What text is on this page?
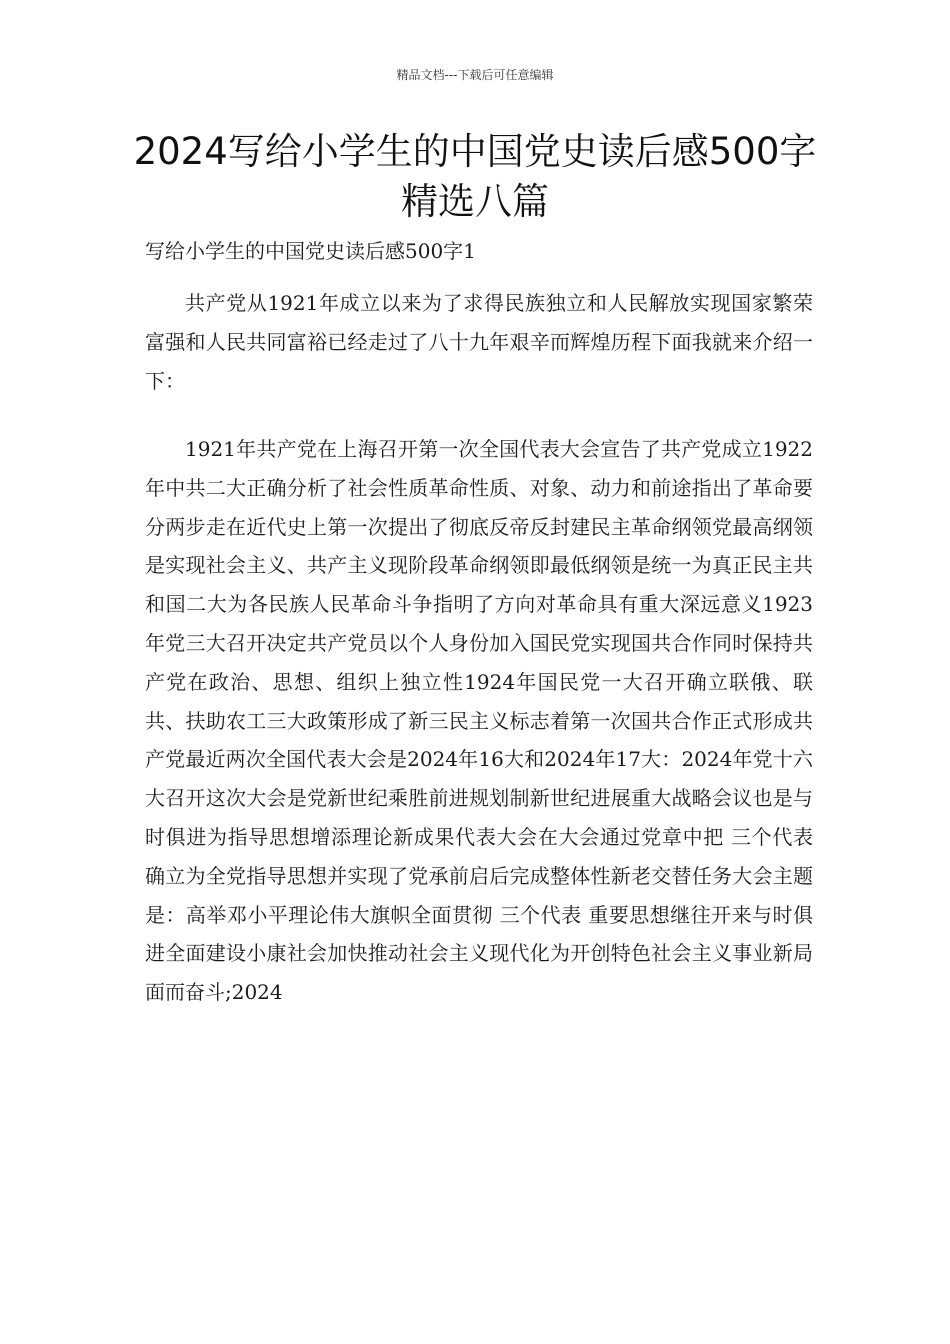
精品文档---下载后可任意编辑
2024写给小学生的中国党史读后感500字精选八篇
写给小学生的中国党史读后感500字1

共产党从1921年成立以来为了求得民族独立和人民解放实现国家繁荣富强和人民共同富裕已经走过了八十九年艰辛而辉煌历程下面我就来介绍一下：

1921年共产党在上海召开第一次全国代表大会宣告了共产党成立1922年中共二大正确分析了社会性质革命性质、对象、动力和前途指出了革命要分两步走在近代史上第一次提出了彻底反帝反封建民主革命纲领党最高纲领是实现社会主义、共产主义现阶段革命纲领即最低纲领是统一为真正民主共和国二大为各民族人民革命斗争指明了方向对革命具有重大深远意义1923年党三大召开决定共产党员以个人身份加入国民党实现国共合作同时保持共产党在政治、思想、组织上独立性1924年国民党一大召开确立联俄、联共、扶助农工三大政策形成了新三民主义标志着第一次国共合作正式形成共产党最近两次全国代表大会是2024年16大和2024年17大：2024年党十六大召开这次大会是党新世纪乘胜前进规划制新世纪进展重大战略会议也是与时俱进为指导思想增添理论新成果代表大会在大会通过党章中把 三个代表 确立为全党指导思想并实现了党承前启后完成整体性新老交替任务大会主题是：高举邓小平理论伟大旗帜全面贯彻 三个代表 重要思想继往开来与时俱进全面建设小康社会加快推动社会主义现代化为开创特色社会主义事业新局面而奋斗;2024
